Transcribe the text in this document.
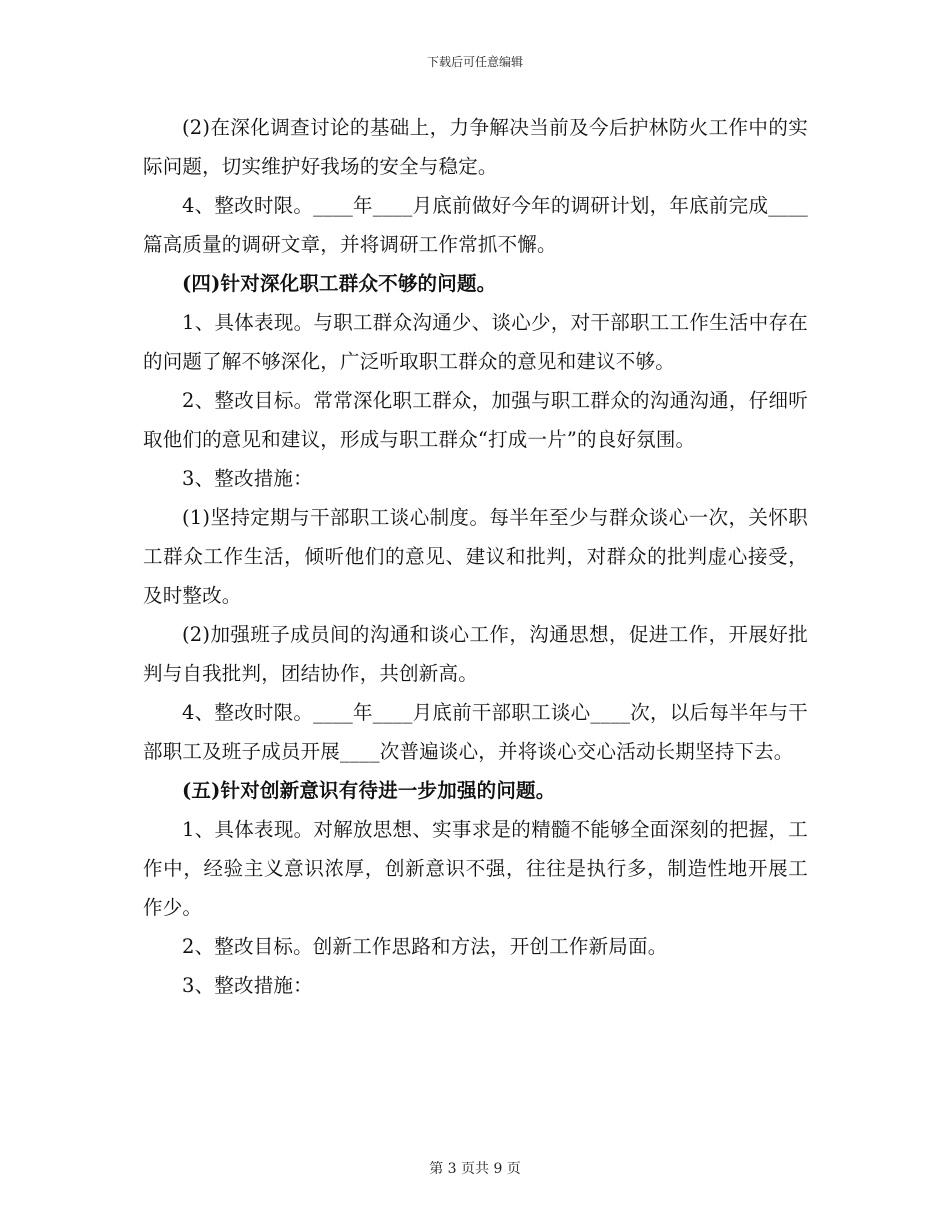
下载后可任意编辑

(2)在深化调查讨论的基础上，力争解决当前及今后护林防火工作中的实际问题，切实维护好我场的安全与稳定。

4、整改时限。____年____月底前做好今年的调研计划，年底前完成____篇高质量的调研文章，并将调研工作常抓不懈。

(四)针对深化职工群众不够的问题。

1、具体表现。与职工群众沟通少、谈心少，对干部职工工作生活中存在的问题了解不够深化，广泛听取职工群众的意见和建议不够。

2、整改目标。常常深化职工群众，加强与职工群众的沟通沟通，仔细听取他们的意见和建议，形成与职工群众“打成一片”的良好氛围。

3、整改措施：

(1)坚持定期与干部职工谈心制度。每半年至少与群众谈心一次，关怀职工群众工作生活，倾听他们的意见、建议和批判，对群众的批判虚心接受，及时整改。

(2)加强班子成员间的沟通和谈心工作，沟通思想，促进工作，开展好批判与自我批判，团结协作，共创新高。

4、整改时限。____年____月底前干部职工谈心____次，以后每半年与干部职工及班子成员开展____次普遍谈心，并将谈心交心活动长期坚持下去。

(五)针对创新意识有待进一步加强的问题。

1、具体表现。对解放思想、实事求是的精髓不能够全面深刻的把握，工作中，经验主义意识浓厚，创新意识不强，往往是执行多，制造性地开展工作少。

2、整改目标。创新工作思路和方法，开创工作新局面。

3、整改措施：

第 3 页共 9 页
